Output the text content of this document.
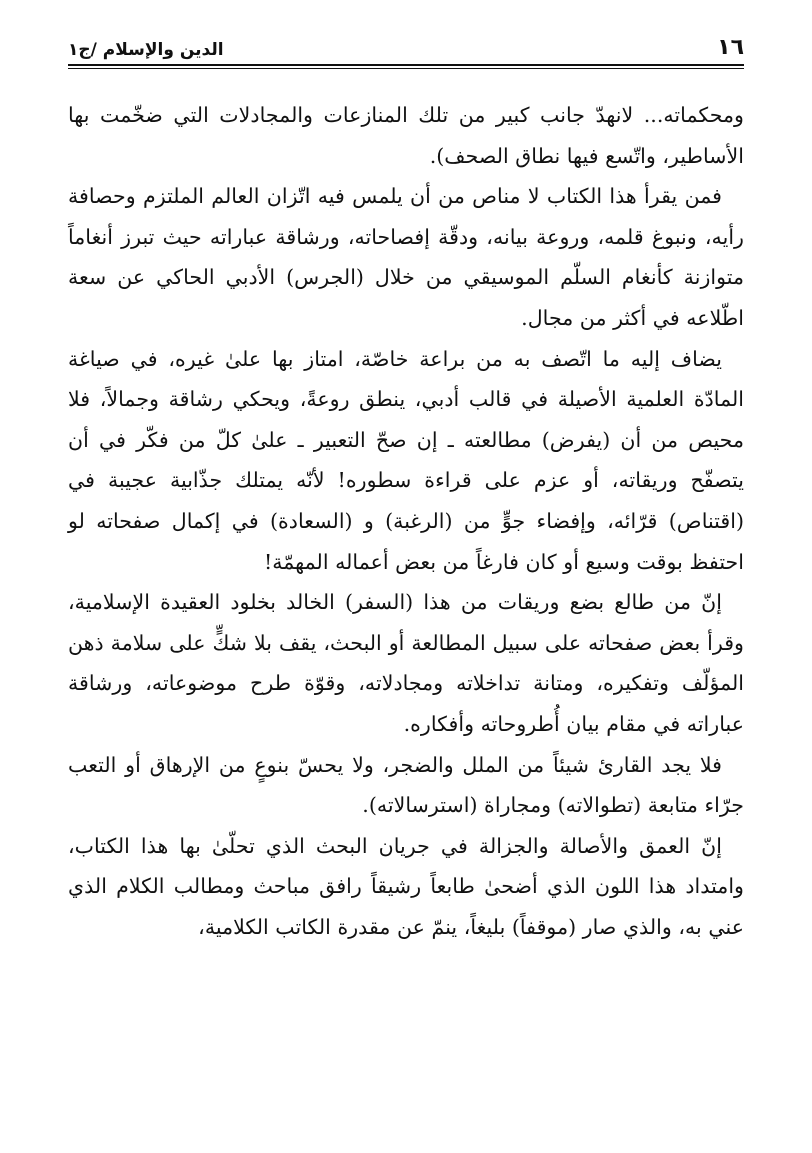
١٦
الدين والإسلام /ج١

ومحكماته... لانهدّ جانب كبير من تلك المنازعات والمجادلات التي ضخّمت بها الأساطير، واتّسع فيها نطاق الصحف).

فمن يقرأ هذا الكتاب لا مناص من أن يلمس فيه اتّزان العالم الملتزم وحصافة رأيه، ونبوغ قلمه، وروعة بيانه، ودقّة إفصاحاته، ورشاقة عباراته حيث تبرز أنغاماً متوازنة كأنغام السلّم الموسيقي من خلال (الجرس) الأدبي الحاكي عن سعة اطّلاعه في أكثر من مجال.

يضاف إليه ما اتّصف به من براعة خاصّة، امتاز بها علىٰ غيره، في صياغة المادّة العلمية الأصيلة في قالب أدبي، ينطق روعةً، ويحكي رشاقة وجمالاً، فلا محيص من أن (يفرض) مطالعته ـ إن صحّ التعبير ـ علىٰ كلّ من فكّر في أن يتصفّح وريقاته، أو عزم على قراءة سطوره! لأنّه يمتلك جذّابية عجيبة في (اقتناص) قرّائه، وإفضاء جوٍّ من (الرغبة) و (السعادة) في إكمال صفحاته لو احتفظ بوقت وسيع أو كان فارغاً من بعض أعماله المهمّة!

إنّ من طالع بضع وريقات من هذا (السفر) الخالد بخلود العقيدة الإسلامية، وقرأ بعض صفحاته على سبيل المطالعة أو البحث، يقف بلا شكٍّ على سلامة ذهن المؤلّف وتفكيره، ومتانة تداخلاته ومجادلاته، وقوّة طرح موضوعاته، ورشاقة عباراته في مقام بيان أُطروحاته وأفكاره.

فلا يجد القارئ شيئاً من الملل والضجر، ولا يحسّ بنوعٍ من الإرهاق أو التعب جرّاء متابعة (تطوالاته) ومجاراة (استرسالاته).

إنّ العمق والأصالة والجزالة في جريان البحث الذي تحلّىٰ بها هذا الكتاب، وامتداد هذا اللون الذي أضحىٰ طابعاً رشيقاً رافق مباحث ومطالب الكلام الذي عني به، والذي صار (موقفاً) بليغاً، ينمّ عن مقدرة الكاتب الكلامية،
